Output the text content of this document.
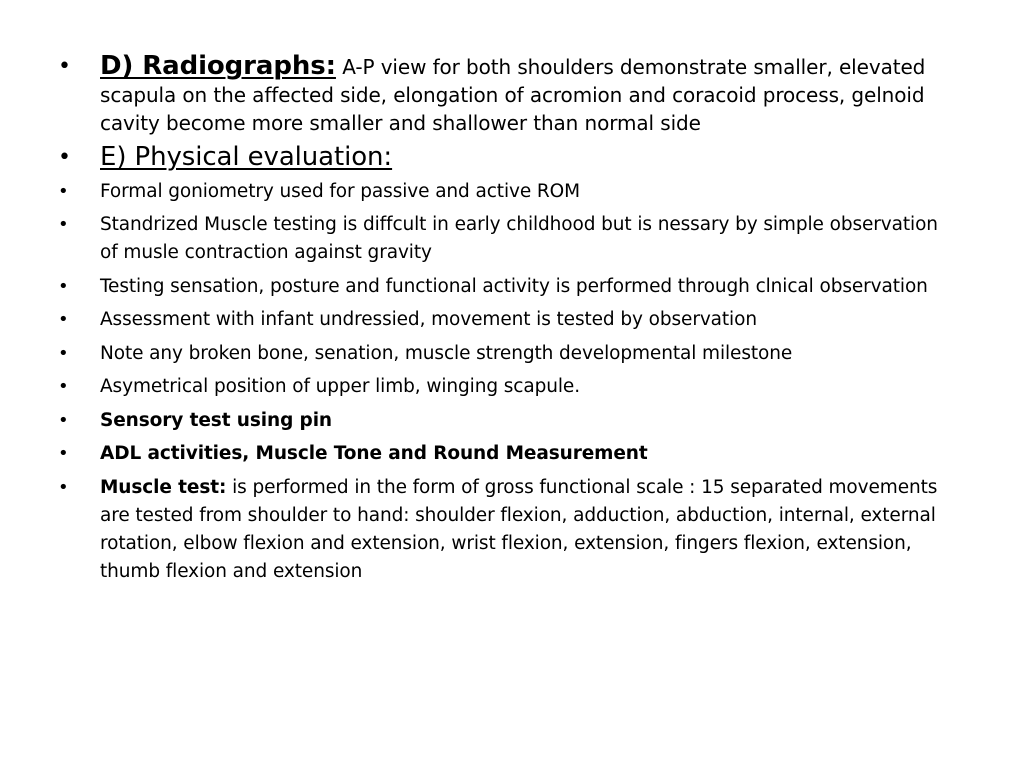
• D) Radiographs: A-P view for both shoulders demonstrate smaller, elevated scapula on the affected side, elongation of acromion and coracoid process, gelnoid cavity become more smaller and shallower than normal side
• E) Physical evaluation:
• Formal goniometry used for passive and active ROM
• Standrized Muscle testing is diffcult in early childhood but is nessary by simple observation of musle contraction against gravity
• Testing sensation, posture and functional activity is performed through clnical observation
• Assessment with infant undressied, movement is tested by observation
• Note any broken bone, senation, muscle strength developmental milestone
• Asymetrical position of upper limb, winging scapule.
• Sensory test using pin
• ADL activities, Muscle Tone and Round Measurement
• Muscle test: is performed in the form of gross functional scale : 15 separated movements are tested from shoulder to hand: shoulder flexion, adduction, abduction, internal, external rotation, elbow flexion and extension, wrist flexion, extension, fingers flexion, extension, thumb flexion and extension
